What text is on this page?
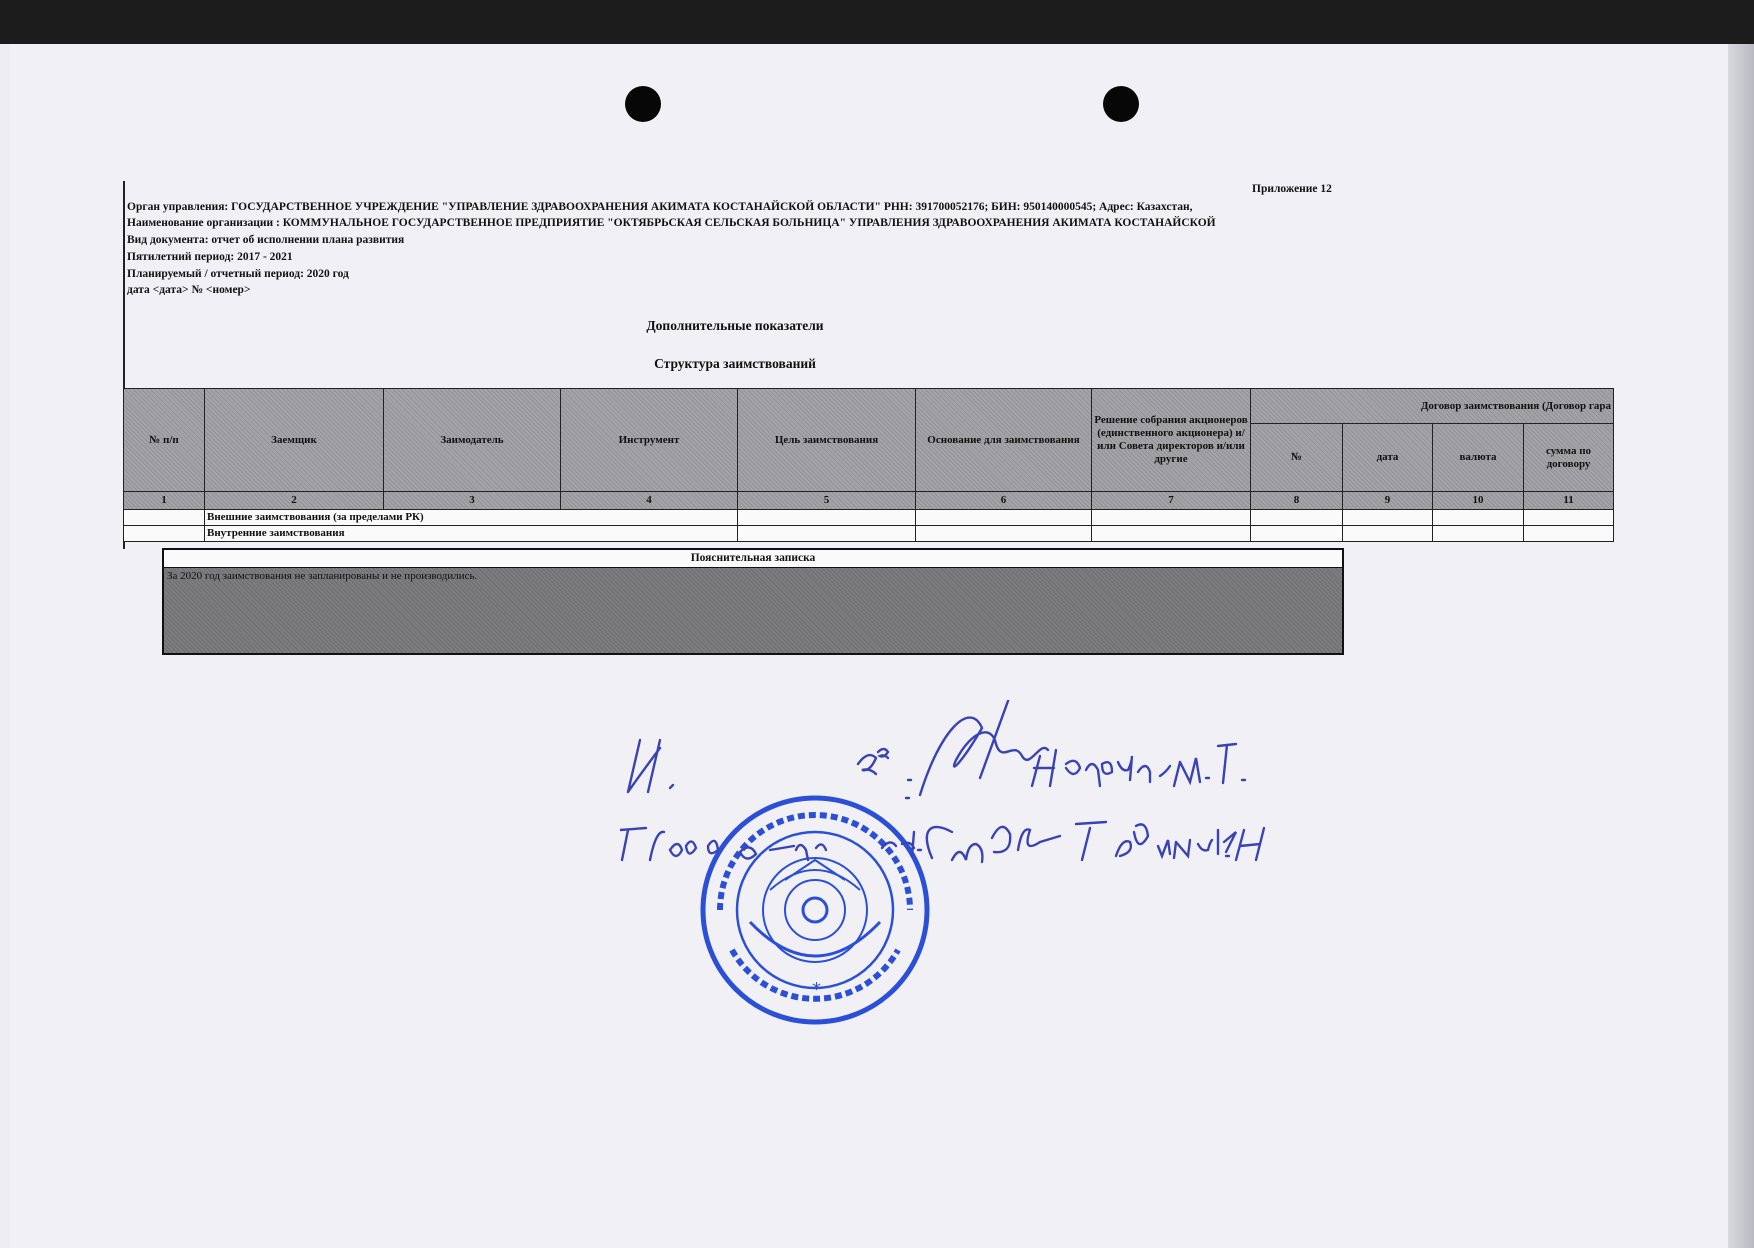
Приложение 12
Орган управления: ГОСУДАРСТВЕННОЕ УЧРЕЖДЕНИЕ "УПРАВЛЕНИЕ ЗДРАВООХРАНЕНИЯ АКИМАТА КОСТАНАЙСКОЙ ОБЛАСТИ" РНН: 391700052176; БИН: 950140000545; Адрес: Казахстан,
Наименование организации : КОММУНАЛЬНОЕ ГОСУДАРСТВЕННОЕ ПРЕДПРИЯТИЕ "ОКТЯБРЬСКАЯ СЕЛЬСКАЯ БОЛЬНИЦА" УПРАВЛЕНИЯ ЗДРАВООХРАНЕНИЯ АКИМАТА КОСТАНАЙСКОЙ
Вид документа: отчет об исполнении плана развития
Пятилетний период: 2017 - 2021
Планируемый / отчетный период: 2020 год
дата <дата> № <номер>
Дополнительные показатели
Структура заимствований
№ п/п	Заемщик	Заимодатель	Инструмент	Цель заимствования	Основание для заимствования	Решение собрания акционеров (единственного акционера) и/или Совета директоров и/или другие	Договор заимствования (Договор гара			
							№	дата	валюта	сумма по договору
1	2	3	4	5	6	7	8	9	10	11
	Внешние заимствования (за пределами РК)									
	Внутренние заимствования									
Пояснительная записка
За 2020 год заимствования не запланированы и не производились.
*
